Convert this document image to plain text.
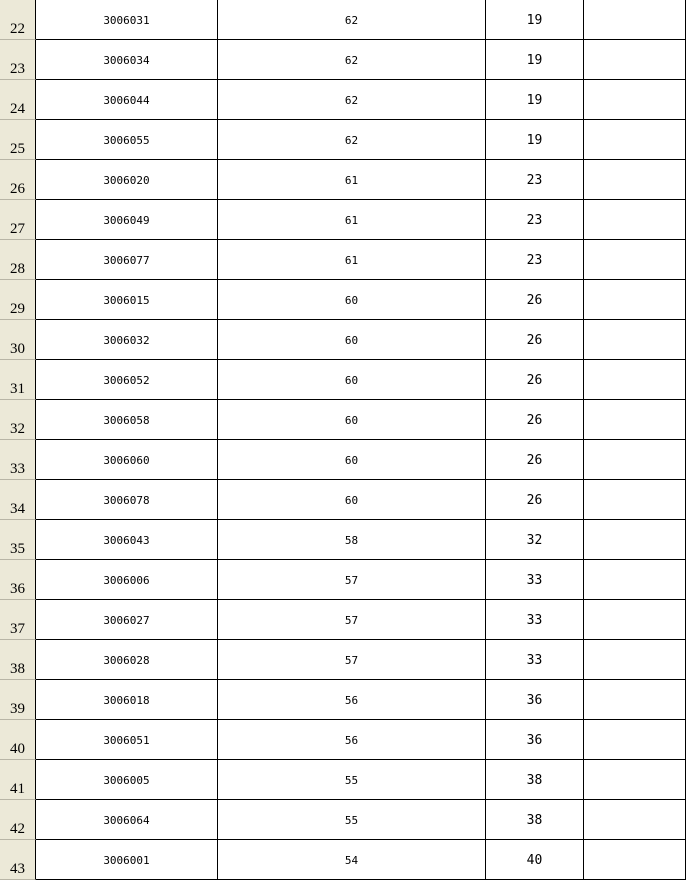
22
3006031	62	19
23
3006034	62	19
24
3006044	62	19
25
3006055	62	19
26
3006020	61	23
27
3006049	61	23
28
3006077	61	23
29
3006015	60	26
30
3006032	60	26
31
3006052	60	26
32
3006058	60	26
33
3006060	60	26
34
3006078	60	26
35
3006043	58	32
36
3006006	57	33
37
3006027	57	33
38
3006028	57	33
39
3006018	56	36
40
3006051	56	36
41
3006005	55	38
42
3006064	55	38
43
3006001	54	40
